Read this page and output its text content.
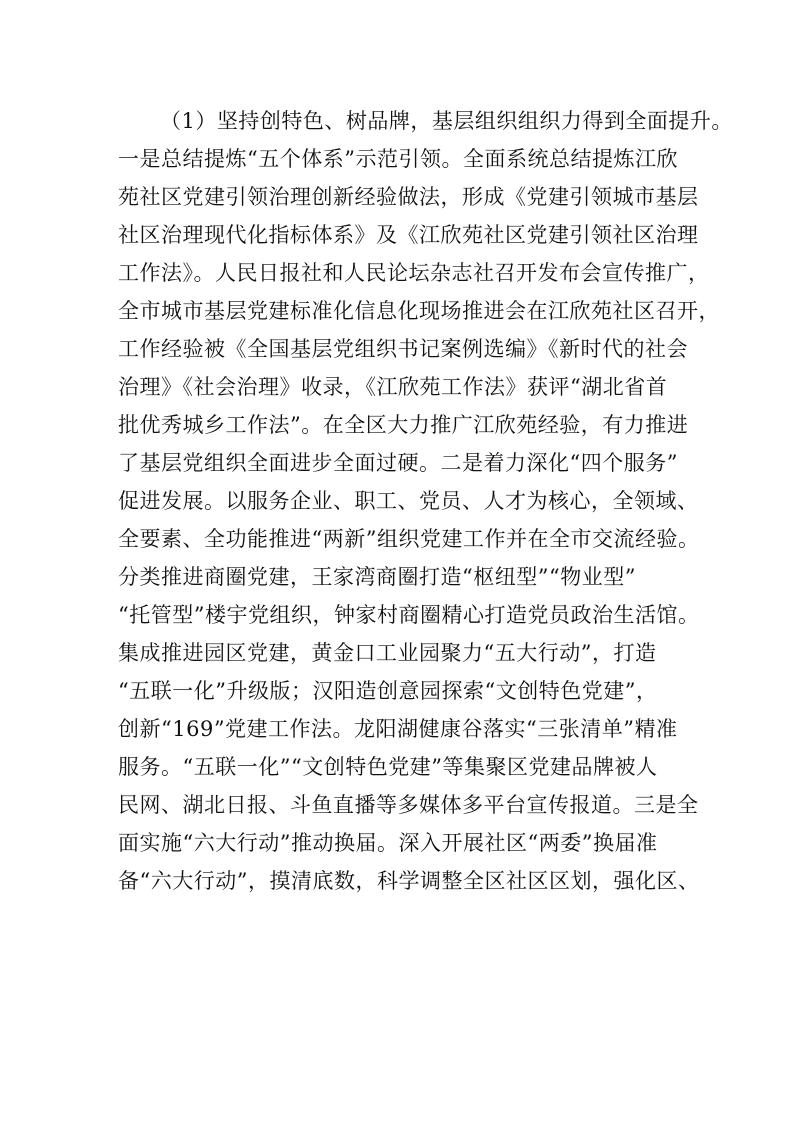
（1）坚持创特色、树品牌，基层组织组织力得到全面提升。
一是总结提炼“五个体系”示范引领。全面系统总结提炼江欣
苑社区党建引领治理创新经验做法，形成《党建引领城市基层
社区治理现代化指标体系》及《江欣苑社区党建引领社区治理
工作法》。人民日报社和人民论坛杂志社召开发布会宣传推广，
全市城市基层党建标准化信息化现场推进会在江欣苑社区召开，
工作经验被《全国基层党组织书记案例选编》《新时代的社会
治理》《社会治理》收录，《江欣苑工作法》获评“湖北省首
批优秀城乡工作法”。在全区大力推广江欣苑经验，有力推进
了基层党组织全面进步全面过硬。二是着力深化“四个服务”
促进发展。以服务企业、职工、党员、人才为核心，全领域、
全要素、全功能推进“两新”组织党建工作并在全市交流经验。
分类推进商圈党建，王家湾商圈打造“枢纽型”“物业型”
“托管型”楼宇党组织，钟家村商圈精心打造党员政治生活馆。
集成推进园区党建，黄金口工业园聚力“五大行动”，打造
“五联一化”升级版；汉阳造创意园探索“文创特色党建”，
创新“169”党建工作法。龙阳湖健康谷落实“三张清单”精准
服务。“五联一化”“文创特色党建”等集聚区党建品牌被人
民网、湖北日报、斗鱼直播等多媒体多平台宣传报道。三是全
面实施“六大行动”推动换届。深入开展社区“两委”换届准
备“六大行动”，摸清底数，科学调整全区社区区划，强化区、
